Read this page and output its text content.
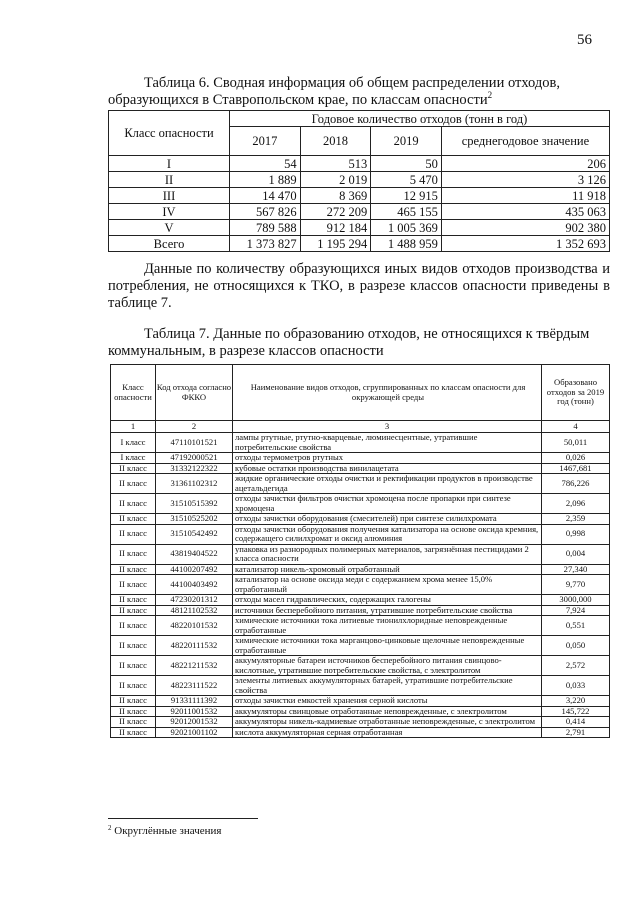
56
Таблица 6. Сводная информация об общем распределении отходов, образующихся в Ставропольском крае, по классам опасности$^2$
Класс опасности	Годовое количество отходов (тонн в год)			
	2017	2018	2019	среднегодовое значение
I	54	513	50	206
II	1 889	2 019	5 470	3 126
III	14 470	8 369	12 915	11 918
IV	567 826	272 209	465 155	435 063
V	789 588	912 184	1 005 369	902 380
Всего	1 373 827	1 195 294	1 488 959	1 352 693
Данные по количеству образующихся иных видов отходов производства и потребления, не относящихся к ТКО, в разрезе классов опасности приведены в таблице 7.
Таблица 7. Данные по образованию отходов, не относящихся к твёрдым коммунальным, в разрезе классов опасности
Класс опасности	Код отхода согласно ФККО	Наименование видов отходов, сгруппированных по классам опасности для окружающей среды	Образовано отходов за 2019 год (тонн)
1	2	3	4
I класс	47110101521	лампы ртутные, ртутно-кварцевые, люминесцентные, утратившие потребительские свойства	50,011
I класс	47192000521	отходы термометров ртутных	0,026
II класс	31332122322	кубовые остатки производства винилацетата	1467,681
II класс	31361102312	жидкие органические отходы очистки и ректификации продуктов в производстве ацетальдегида	786,226
II класс	31510515392	отходы зачистки фильтров очистки хромоцена после пропарки при синтезе хромоцена	2,096
II класс	31510525202	отходы зачистки оборудования (смесителей) при синтезе силилхромата	2,359
II класс	31510542492	отходы зачистки оборудования получения катализатора на основе оксида кремния, содержащего силилхромат и оксид алюминия	0,998
II класс	43819404522	упаковка из разнородных полимерных материалов, загрязнённая пестицидами 2 класса опасности	0,004
II класс	44100207492	катализатор никель-хромовый отработанный	27,340
II класс	44100403492	катализатор на основе оксида меди с содержанием хрома менее 15,0% отработанный	9,770
II класс	47230201312	отходы масел гидравлических, содержащих галогены	3000,000
II класс	48121102532	источники бесперебойного питания, утратившие потребительские свойства	7,924
II класс	48220101532	химические источники тока литиевые тионилхлоридные неповрежденные отработанные	0,551
II класс	48220111532	химические источники тока марганцово-цинковые щелочные неповрежденные отработанные	0,050
II класс	48221211532	аккумуляторные батареи источников бесперебойного питания свинцово-кислотные, утратившие потребительские свойства, с электролитом	2,572
II класс	48223111522	элементы литиевых аккумуляторных батарей, утратившие потребительские свойства	0,033
II класс	91331111392	отходы зачистки емкостей хранения серной кислоты	3,220
II класс	92011001532	аккумуляторы свинцовые отработанные неповрежденные, с электролитом	145,722
II класс	92012001532	аккумуляторы никель-кадмиевые отработанные неповрежденные, с электролитом	0,414
II класс	92021001102	кислота аккумуляторная серная отработанная	2,791
$^2$ Округлённые значения
